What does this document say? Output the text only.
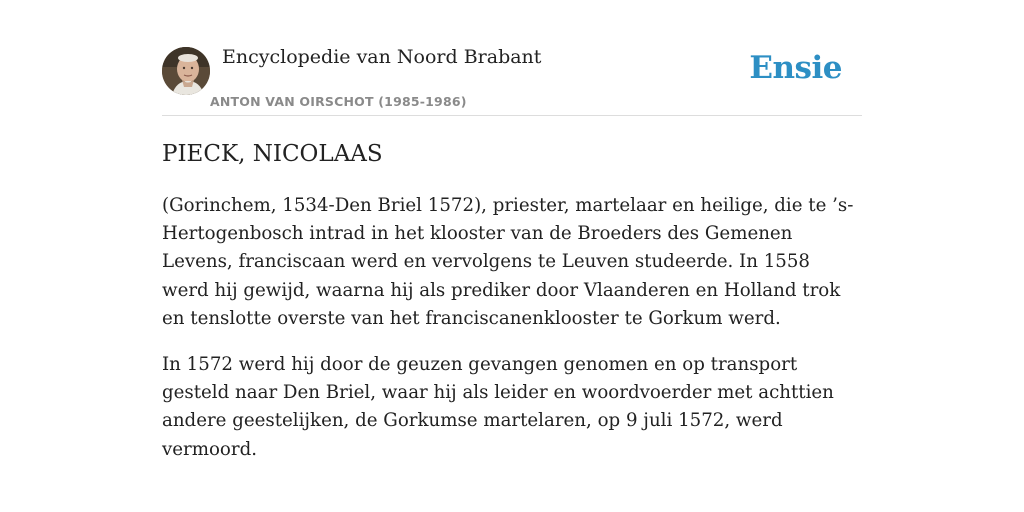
Encyclopedie van Noord Brabant
ANTON VAN OIRSCHOT (1985-1986)
Ensie
PIECK, NICOLAAS

(Gorinchem, 1534-Den Briel 1572), priester, martelaar en heilige, die te ’s-Hertogenbosch intrad in het klooster van de Broeders des Gemenen Levens, franciscaan werd en vervolgens te Leuven studeerde. In 1558 werd hij gewijd, waarna hij als prediker door Vlaanderen en Holland trok en tenslotte overste van het franciscanenklooster te Gorkum werd.

In 1572 werd hij door de geuzen gevangen genomen en op transport gesteld naar Den Briel, waar hij als leider en woordvoerder met achttien andere geestelijken, de Gorkumse martelaren, op 9 juli 1572, werd vermoord.
